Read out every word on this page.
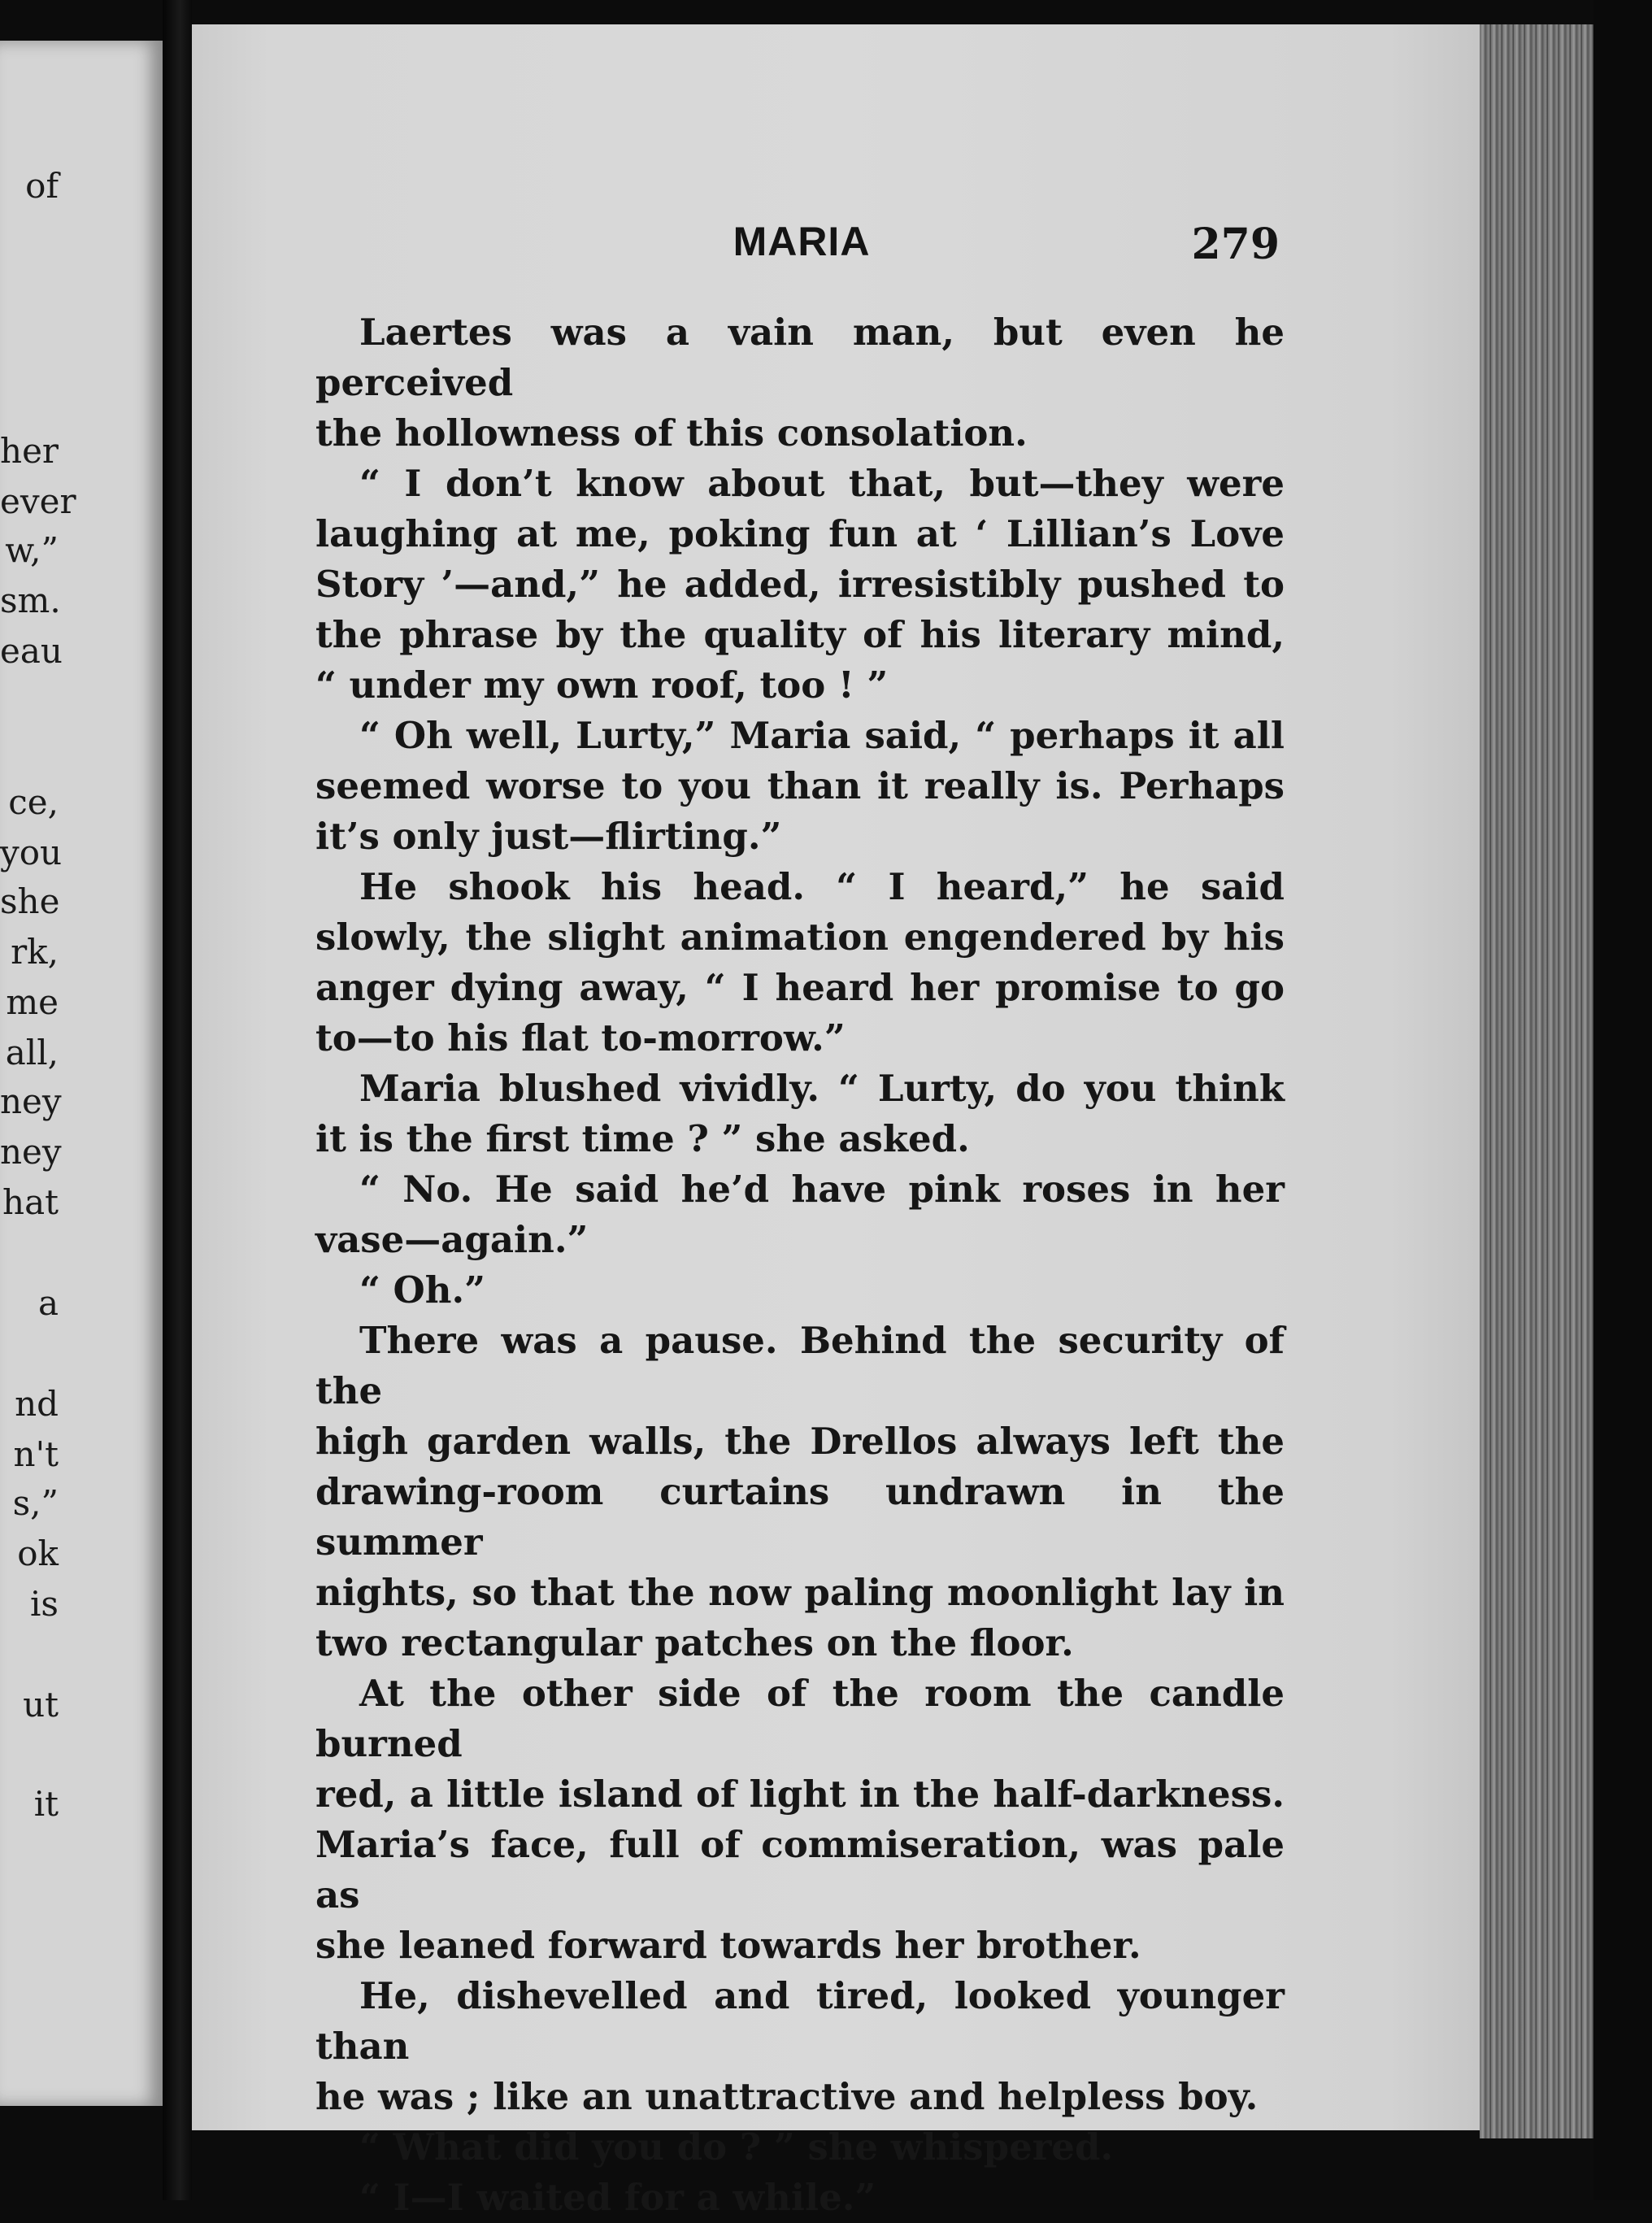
of
her
ever
w,”
sm.
eau
ce,
you
she
rk,
me
all,
ney
ney
hat
a
nd
n't
s,”
ok
is
ut
it
MARIA	279

Laertes was a vain man, but even he perceived
the hollowness of this consolation.

“ I don’t know about that, but—they were
laughing at me, poking fun at ‘ Lillian’s Love
Story ’—and,” he added, irresistibly pushed to
the phrase by the quality of his literary mind,
“ under my own roof, too ! ”

“ Oh well, Lurty,” Maria said, “ perhaps it all
seemed worse to you than it really is. Perhaps
it’s only just—flirting.”

He shook his head. “ I heard,” he said
slowly, the slight animation engendered by his
anger dying away, “ I heard her promise to go
to—to his flat to-morrow.”

Maria blushed vividly. “ Lurty, do you think
it is the first time ? ” she asked.

“ No. He said he’d have pink roses in her
vase—again.”

“ Oh.”

There was a pause. Behind the security of the
high garden walls, the Drellos always left the
drawing-room curtains undrawn in the summer
nights, so that the now paling moonlight lay in
two rectangular patches on the floor.

At the other side of the room the candle burned
red, a little island of light in the half-darkness.
Maria’s face, full of commiseration, was pale as
she leaned forward towards her brother.

He, dishevelled and tired, looked younger than
he was ; like an unattractive and helpless boy.

“ What did you do ? ” she whispered.

“ I—I waited for a while.”
